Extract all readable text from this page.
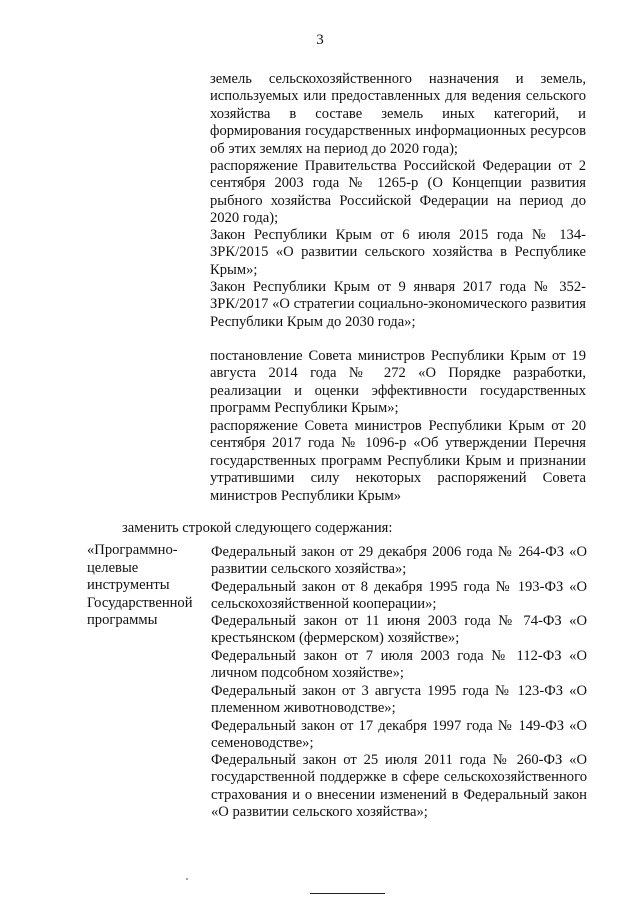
3
земель сельскохозяйственного назначения и земель, используемых или предоставленных для ведения сельского хозяйства в составе земель иных категорий, и формирования государственных информационных ресурсов об этих землях на период до 2020 года);
распоряжение Правительства Российской Федерации от 2 сентября 2003 года № 1265-р (О Концепции развития рыбного хозяйства Российской Федерации на период до 2020 года);
Закон Республики Крым от 6 июля 2015 года № 134-ЗРК/2015 «О развитии сельского хозяйства в Республике Крым»;
Закон Республики Крым от 9 января 2017 года № 352-ЗРК/2017 «О стратегии социально-экономического развития Республики Крым до 2030 года»;
постановление Совета министров Республики Крым от 19 августа 2014 года № 272 «О Порядке разработки, реализации и оценки эффективности государственных программ Республики Крым»;
распоряжение Совета министров Республики Крым от 20 сентября 2017 года № 1096-р «Об утверждении Перечня государственных программ Республики Крым и признании утратившими силу некоторых распоряжений Совета министров Республики Крым»
заменить строкой следующего содержания:
«Программно-
целевые
инструменты
Государственной
программы
Федеральный закон от 29 декабря 2006 года № 264-ФЗ «О развитии сельского хозяйства»;
Федеральный закон от 8 декабря 1995 года № 193-ФЗ «О сельскохозяйственной кооперации»;
Федеральный закон от 11 июня 2003 года № 74-ФЗ «О крестьянском (фермерском) хозяйстве»;
Федеральный закон от 7 июля 2003 года № 112-ФЗ «О личном подсобном хозяйстве»;
Федеральный закон от 3 августа 1995 года № 123-ФЗ «О племенном животноводстве»;
Федеральный закон от 17 декабря 1997 года № 149-ФЗ «О семеноводстве»;
Федеральный закон от 25 июля 2011 года № 260-ФЗ «О государственной поддержке в сфере сельскохозяйственного страхования и о внесении изменений в Федеральный закон «О развитии сельского хозяйства»;
